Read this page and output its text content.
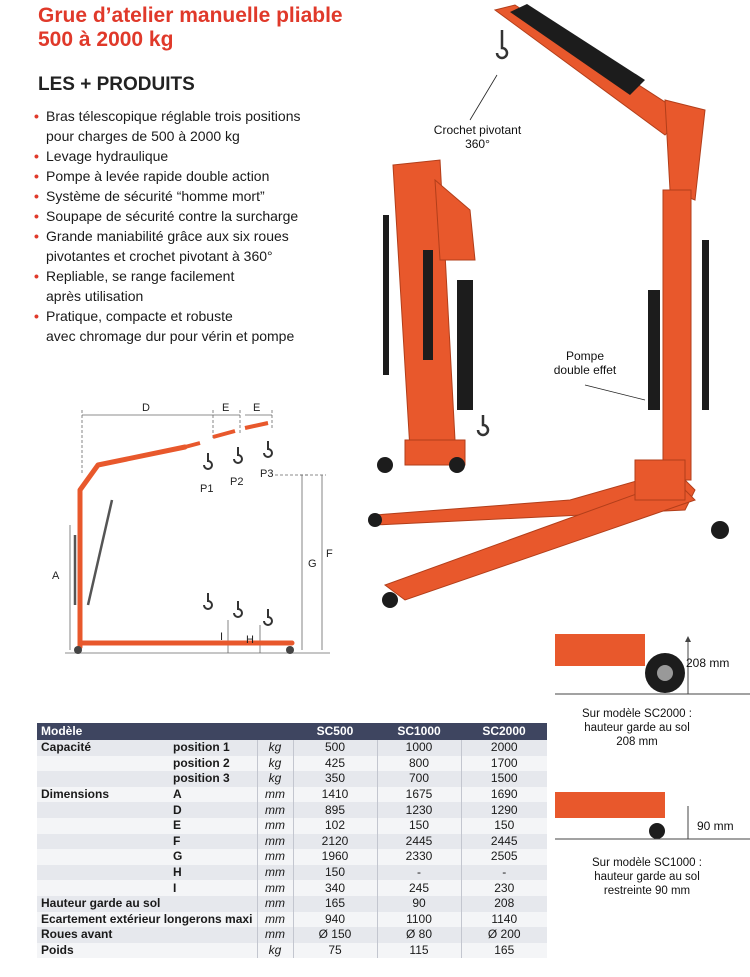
Grue d’atelier manuelle pliable
500 à 2000 kg
LES + PRODUITS
• Bras télescopique réglable trois positions
pour charges de 500 à 2000 kg
• Levage hydraulique
• Pompe à levée rapide double action
• Système de sécurité “homme mort”
• Soupape de sécurité contre la surcharge
• Grande maniabilité grâce aux six roues
pivotantes et crochet pivotant à 360°
• Repliable, se range facilement
après utilisation
• Pratique, compacte et robuste
avec chromage dur pour vérin et pompe
D	E E
A
G
F
I H
P1
P2
P3
Crochet pivotant
360°
Pompe
double effet
208 mm
Sur modèle SC2000 :
hauteur garde au sol
208 mm
90 mm
Sur modèle SC1000 :
hauteur garde au sol
restreinte 90 mm
Modèle			SC500	SC1000	SC2000
Capacité	position 1	kg	500	1000	2000
	position 2	kg	425	800	1700
	position 3	kg	350	700	1500
Dimensions	A	mm	1410	1675	1690
	D	mm	895	1230	1290
	E	mm	102	150	150
	F	mm	2120	2445	2445
	G	mm	1960	2330	2505
	H	mm	150	-	-
	I	mm	340	245	230
Hauteur garde au sol		mm	165	90	208
Ecartement extérieur longerons maxi		mm	940	1100	1140
Roues avant		mm	Ø 150	Ø 80	Ø 200
Poids		kg	75	115	165
